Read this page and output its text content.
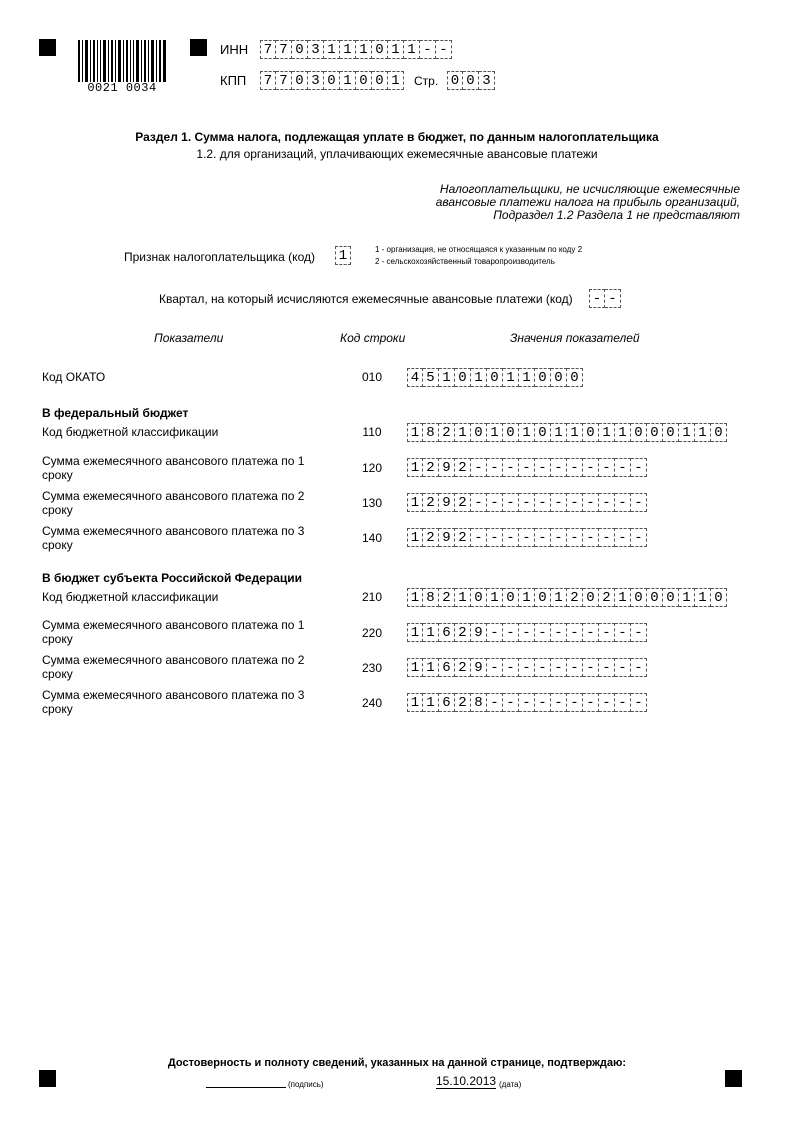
0021 0034
ИНН 7 7 0 3 1 1 1 0 1 1 - -
КПП 7 7 0 3 0 1 0 0 1	Стр. 0 0 3
Раздел 1. Сумма налога, подлежащая уплате в бюджет, по данным налогоплательщика
1.2. для организаций, уплачивающих ежемесячные авансовые платежи
Налогоплательщики, не исчисляющие ежемесячные
авансовые платежи налога на прибыль организаций,
Подраздел 1.2 Раздела 1 не представляют
Признак налогоплательщика (код) 1	1 - организация, не относящаяся к указанным по коду 2
2 - сельскохозяйственный товаропроизводитель
Квартал, на который исчисляются ежемесячные авансовые платежи (код) - -
Показатели	Код строки	Значения показателей
Код ОКАТО	010 4 5 1 0 1 0 1 1 0 0 0
В федеральный бюджет
Код бюджетной классификации	110 1 8 2 1 0 1 0 1 0 1 1 0 1 1 0 0 0 1 1 0
Сумма ежемесячного авансового платежа по 1
сроку	120 1 2 9 2 - - - - - - - - - - -
Сумма ежемесячного авансового платежа по 2
сроку	130 1 2 9 2 - - - - - - - - - - -
Сумма ежемесячного авансового платежа по 3
сроку	140 1 2 9 2 - - - - - - - - - - -
В бюджет субъекта Российской Федерации
Код бюджетной классификации	210 1 8 2 1 0 1 0 1 0 1 2 0 2 1 0 0 0 1 1 0
Сумма ежемесячного авансового платежа по 1
сроку	220 1 1 6 2 9 - - - - - - - - - -
Сумма ежемесячного авансового платежа по 2
сроку	230 1 1 6 2 9 - - - - - - - - - -
Сумма ежемесячного авансового платежа по 3
сроку	240 1 1 6 2 8 - - - - - - - - - -
Достоверность и полноту сведений, указанных на данной странице, подтверждаю:
(подпись)	15.10.2013 (дата)
